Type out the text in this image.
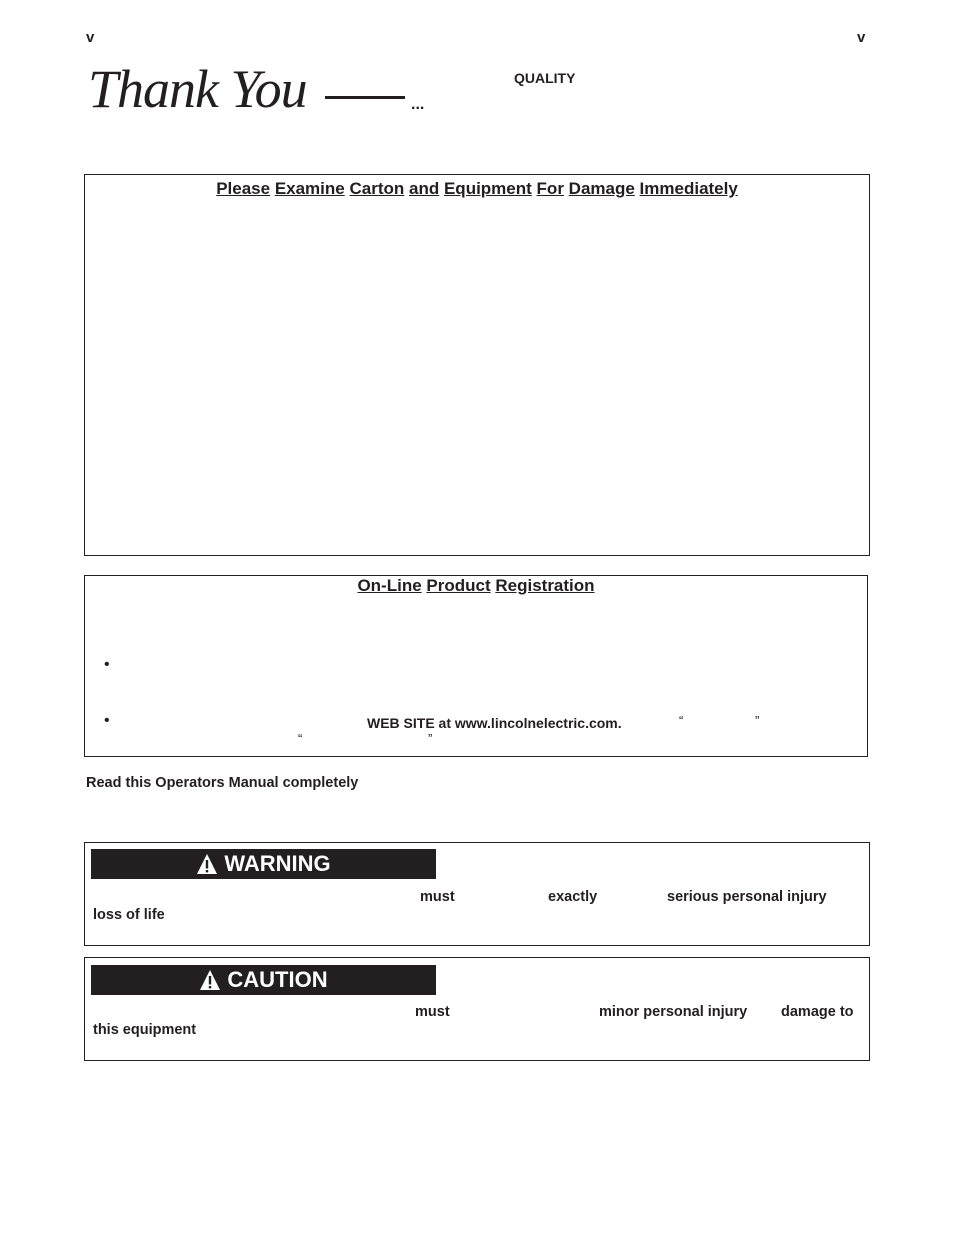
v	v
Thank You	...
QUALITY
Please Examine Carton and Equipment For Damage Immediately
On-Line Product Registration
•
•	WEB SITE at www.lincolnelectric.com.	“	”
“	”
Read this Operators Manual completely
WARNING
must	exactly	serious personal injury
loss of life
CAUTION
must	minor personal injury damage to
this equipment
